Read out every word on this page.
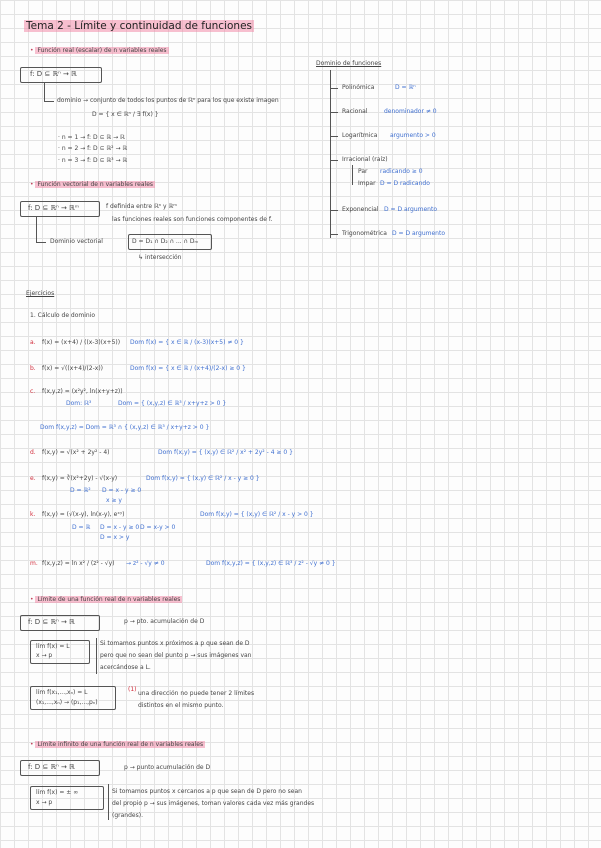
Tema 2 - Límite y continuidad de funciones
• Función real (escalar) de n variables reales
f: D ⊆ ℝⁿ → ℝ
dominio → conjunto de todos los puntos de ℝⁿ para los que existe imagen
D = { x ∈ ℝⁿ / ∃ f(x) }
· n = 1 → f: D ⊆ ℝ → ℝ
· n = 2 → f: D ⊆ ℝ² → ℝ
· n = 3 → f: D ⊆ ℝ³ → ℝ
Dominio de funciones
Polinómica	D = ℝⁿ
Racional	denominador ≠ 0
Logarítmica argumento > 0
Irracional (raíz)
Par radicando ≥ 0
Impar D = D radicando
Exponencial D = D argumento
Trigonométrica D = D argumento
• Función vectorial de n variables reales
f: D ⊆ ℝⁿ → ℝᵐ	f definida entre ℝⁿ y ℝᵐ
las funciones reales son funciones componentes de f.
Dominio vectorial	D = D₁ ∩ D₂ ∩ ... ∩ Dₘ
↳ intersección
Ejercicios
1. Cálculo de dominio
a. f(x) = (x+4) / ((x-3)(x+5)) Dom f(x) = { x ∈ ℝ / (x-3)(x+5) ≠ 0 }
b. f(x) = √((x+4)/(2-x))	Dom f(x) = { x ∈ ℝ / (x+4)/(2-x) ≥ 0 }
c. f(x,y,z) = (x²y², ln(x+y+z))
Dom: ℝ³	Dom = { (x,y,z) ∈ ℝ³ / x+y+z > 0 }
Dom f(x,y,z) = Dom = ℝ³ ∩ { (x,y,z) ∈ ℝ³ / x+y+z > 0 }
d. f(x,y) = √(x² + 2y² - 4)	Dom f(x,y) = { (x,y) ∈ ℝ² / x² + 2y² - 4 ≥ 0 }
e. f(x,y) = ∛(x²+2y) - √(x-y)
D = ℝ² D = x - y ≥ 0
x ≥ y
Dom f(x,y) = { (x,y) ∈ ℝ² / x - y ≥ 0 }
k. f(x,y) = (√(x-y), ln(x-y), eˣʸ)
D = ℝ D = x - y ≥ 0
D = x > y
D = x-y > 0
Dom f(x,y) = { (x,y) ∈ ℝ² / x - y > 0 }
m. f(x,y,z) = ln x² / (z² - √y) → z² - √y ≠ 0	Dom f(x,y,z) = { (x,y,z) ∈ ℝ³ / z² - √y ≠ 0 }
• Límite de una función real de n variables reales
f: D ⊆ ℝⁿ → ℝ	p → pto. acumulación de D
lím f(x) = L
x → p
Si tomamos puntos x próximos a p que sean de D
pero que no sean del punto p → sus imágenes van
acercándose a L.
lím f(x₁,...,xₙ) = L
(x₁,...,xₙ) → (p₁,...,pₙ)
(1)
una dirección no puede tener 2 límites
distintos en el mismo punto.
• Límite infinito de una función real de n variables reales
f: D ⊆ ℝⁿ → ℝ	p → punto acumulación de D
lím f(x) = ± ∞
x → p
Si tomamos puntos x cercanos a p que sean de D pero no sean
del propio p → sus imágenes, toman valores cada vez más grandes
(grandes).
